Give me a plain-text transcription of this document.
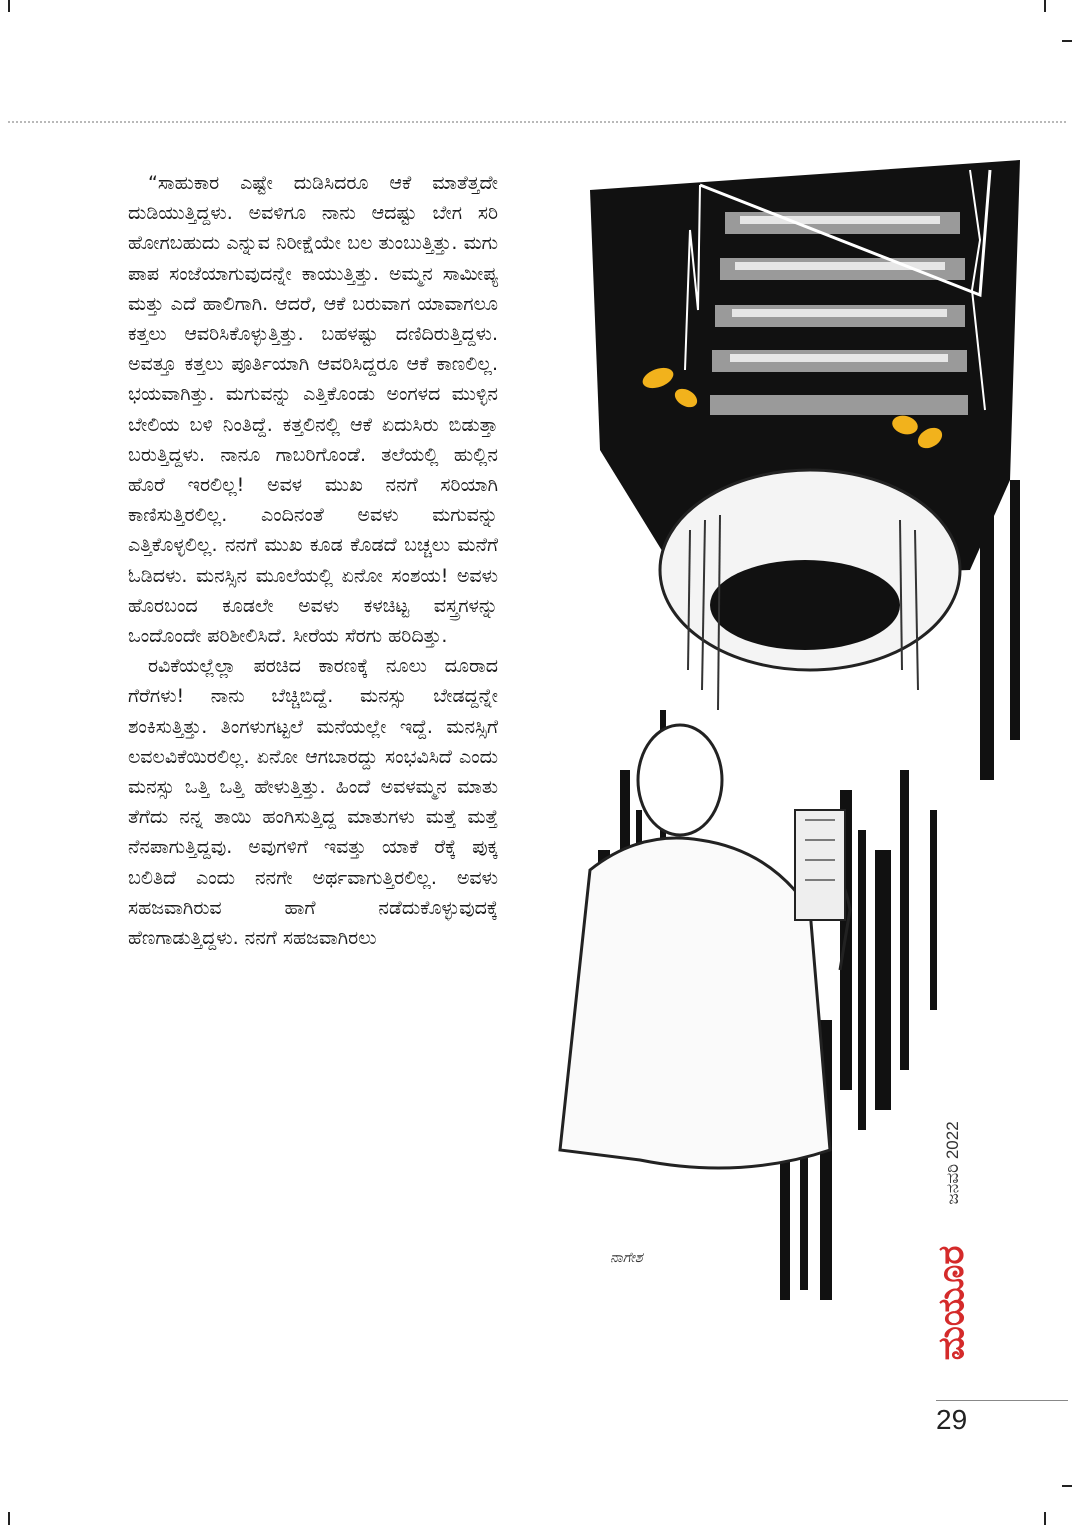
“ಸಾಹುಕಾರ ಎಷ್ಟೇ ದುಡಿಸಿದರೂ ಆಕೆ ಮಾತೆತ್ತದೇ ದುಡಿಯುತ್ತಿದ್ದಳು. ಅವಳಿಗೂ ನಾನು ಆದಷ್ಟು ಬೇಗ ಸರಿ ಹೋಗಬಹುದು ಎನ್ನುವ ನಿರೀಕ್ಷೆಯೇ ಬಲ ತುಂಬುತ್ತಿತ್ತು. ಮಗು ಪಾಪ ಸಂಜೆಯಾಗುವುದನ್ನೇ ಕಾಯುತ್ತಿತ್ತು. ಅಮ್ಮನ ಸಾಮೀಪ್ಯ ಮತ್ತು ಎದೆ ಹಾಲಿಗಾಗಿ. ಆದರೆ, ಆಕೆ ಬರುವಾಗ ಯಾವಾಗಲೂ ಕತ್ತಲು ಆವರಿಸಿಕೊಳ್ಳುತ್ತಿತ್ತು. ಬಹಳಷ್ಟು ದಣಿದಿರುತ್ತಿದ್ದಳು. ಅವತ್ತೂ ಕತ್ತಲು ಪೂರ್ತಿಯಾಗಿ ಆವರಿಸಿದ್ದರೂ ಆಕೆ ಕಾಣಲಿಲ್ಲ. ಭಯವಾಗಿತ್ತು. ಮಗುವನ್ನು ಎತ್ತಿಕೊಂಡು ಅಂಗಳದ ಮುಳ್ಳಿನ ಬೇಲಿಯ ಬಳಿ ನಿಂತಿದ್ದೆ. ಕತ್ತಲಿನಲ್ಲಿ ಆಕೆ ಏದುಸಿರು ಬಿಡುತ್ತಾ ಬರುತ್ತಿದ್ದಳು. ನಾನೂ ಗಾಬರಿಗೊಂಡೆ. ತಲೆಯಲ್ಲಿ ಹುಲ್ಲಿನ ಹೊರೆ ಇರಲಿಲ್ಲ! ಅವಳ ಮುಖ ನನಗೆ ಸರಿಯಾಗಿ ಕಾಣಿಸುತ್ತಿರಲಿಲ್ಲ. ಎಂದಿನಂತೆ ಅವಳು ಮಗುವನ್ನು ಎತ್ತಿಕೊಳ್ಳಲಿಲ್ಲ. ನನಗೆ ಮುಖ ಕೂಡ ಕೊಡದೆ ಬಚ್ಚಲು ಮನೆಗೆ ಓಡಿದಳು. ಮನಸ್ಸಿನ ಮೂಲೆಯಲ್ಲಿ ಏನೋ ಸಂಶಯ! ಅವಳು ಹೊರಬಂದ ಕೂಡಲೇ ಅವಳು ಕಳಚಿಟ್ಟ ವಸ್ತ್ರಗಳನ್ನು ಒಂದೊಂದೇ ಪರಿಶೀಲಿಸಿದೆ. ಸೀರೆಯ ಸೆರಗು ಹರಿದಿತ್ತು.

ರವಿಕೆಯಲ್ಲೆಲ್ಲಾ ಪರಚಿದ ಕಾರಣಕ್ಕೆ ನೂಲು ದೂರಾದ ಗೆರೆಗಳು! ನಾನು ಬೆಚ್ಚಿಬಿದ್ದೆ. ಮನಸ್ಸು ಬೇಡದ್ದನ್ನೇ ಶಂಕಿಸುತ್ತಿತ್ತು. ತಿಂಗಳುಗಟ್ಟಲೆ ಮನೆಯಲ್ಲೇ ಇದ್ದೆ. ಮನಸ್ಸಿಗೆ ಲವಲವಿಕೆಯಿರಲಿಲ್ಲ. ಏನೋ ಆಗಬಾರದ್ದು ಸಂಭವಿಸಿದೆ ಎಂದು ಮನಸ್ಸು ಒತ್ತಿ ಒತ್ತಿ ಹೇಳುತ್ತಿತ್ತು. ಹಿಂದೆ ಅವಳಮ್ಮನ ಮಾತು ತೆಗೆದು ನನ್ನ ತಾಯಿ ಹಂಗಿಸುತ್ತಿದ್ದ ಮಾತುಗಳು ಮತ್ತೆ ಮತ್ತೆ ನೆನಪಾಗುತ್ತಿದ್ದವು. ಅವುಗಳಿಗೆ ಇವತ್ತು ಯಾಕೆ ರೆಕ್ಕೆ ಪುಕ್ಕ ಬಲಿತಿದೆ ಎಂದು ನನಗೇ ಅರ್ಥವಾಗುತ್ತಿರಲಿಲ್ಲ. ಅವಳು ಸಹಜವಾಗಿರುವ ಹಾಗೆ ನಡೆದುಕೊಳ್ಳುವುದಕ್ಕೆ ಹೆಣಗಾಡುತ್ತಿದ್ದಳು. ನನಗೆ ಸಹಜವಾಗಿರಲು

ನಾಗೇಶ
ಜನವರಿ 2022
ಮಯೂರ
29
